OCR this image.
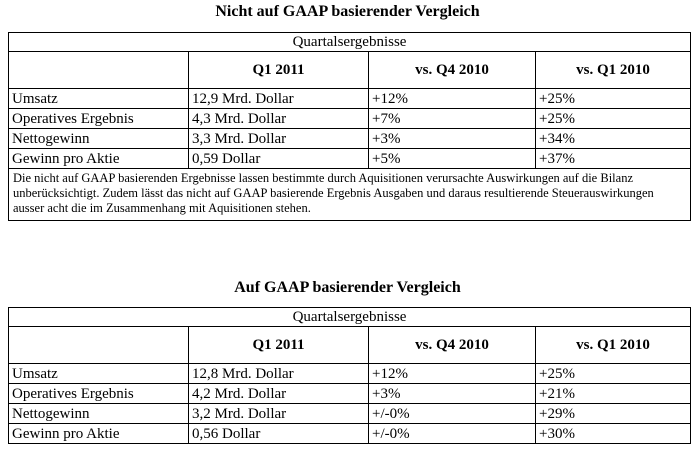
Nicht auf GAAP basierender Vergleich
Quartalsergebnisse			
	Q1 2011	vs. Q4 2010	vs. Q1 2010
Umsatz	12,9 Mrd. Dollar	+12%	+25%
Operatives Ergebnis	4,3 Mrd. Dollar	+7%	+25%
Nettogewinn	3,3 Mrd. Dollar	+3%	+34%
Gewinn pro Aktie	0,59 Dollar	+5%	+37%
Die nicht auf GAAP basierenden Ergebnisse lassen bestimmte durch Aquisitionen verursachte Auswirkungen auf die Bilanz unberücksichtigt. Zudem lässt das nicht auf GAAP basierende Ergebnis Ausgaben und daraus resultierende Steuerauswirkungen ausser acht die im Zusammenhang mit Aquisitionen stehen.			
Auf GAAP basierender Vergleich
Quartalsergebnisse			
	Q1 2011	vs. Q4 2010	vs. Q1 2010
Umsatz	12,8 Mrd. Dollar	+12%	+25%
Operatives Ergebnis	4,2 Mrd. Dollar	+3%	+21%
Nettogewinn	3,2 Mrd. Dollar	+/-0%	+29%
Gewinn pro Aktie	0,56 Dollar	+/-0%	+30%
